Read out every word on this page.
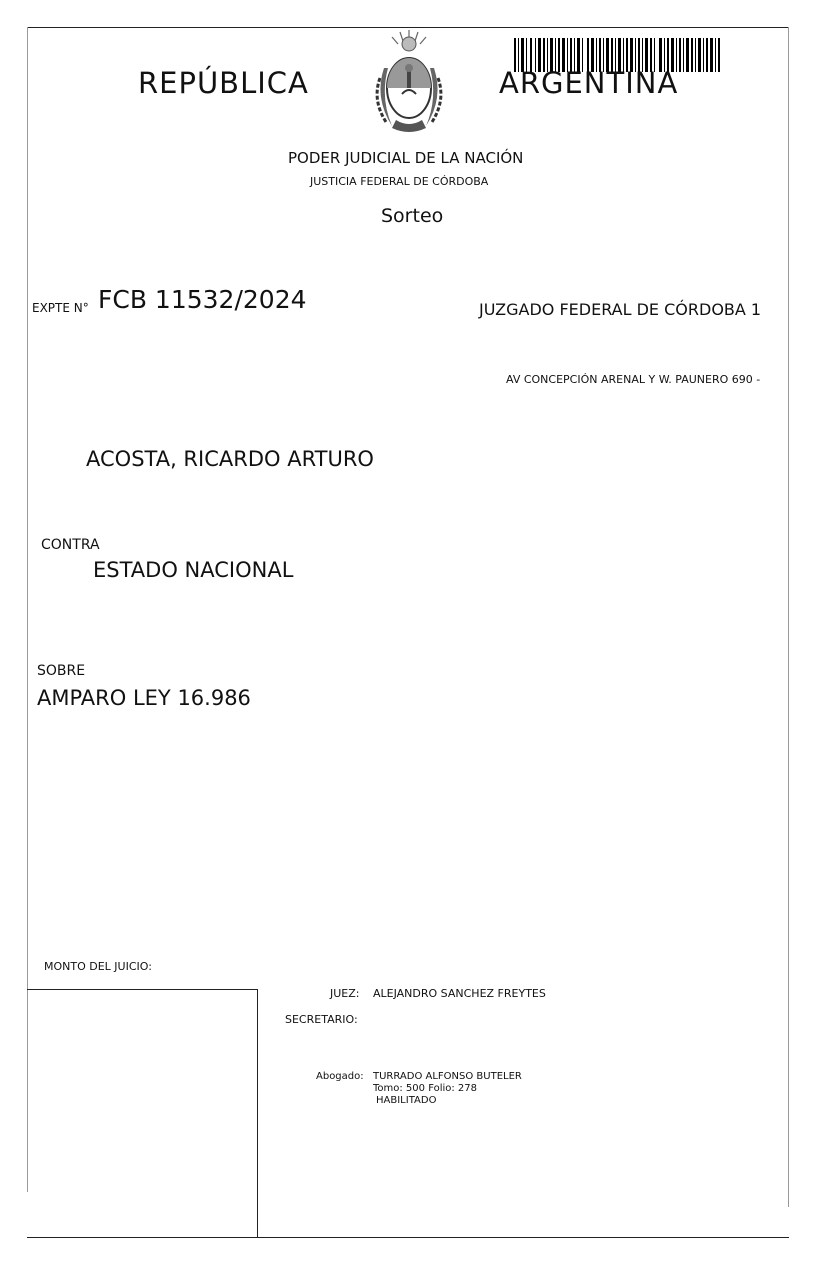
REPÚBLICA	ARGENTINA
PODER JUDICIAL DE LA NACIÓN
JUSTICIA FEDERAL DE CÓRDOBA
Sorteo
EXPTE N° FCB 11532/2024	JUZGADO FEDERAL DE CÓRDOBA 1
AV CONCEPCIÓN ARENAL Y W. PAUNERO 690 -
ACOSTA, RICARDO ARTURO
CONTRA
ESTADO NACIONAL
SOBRE
AMPARO LEY 16.986
MONTO DEL JUICIO:
JUEZ: ALEJANDRO SANCHEZ FREYTES
SECRETARIO:
Abogado: TURRADO ALFONSO BUTELER
Tomo: 500 Folio: 278
HABILITADO
